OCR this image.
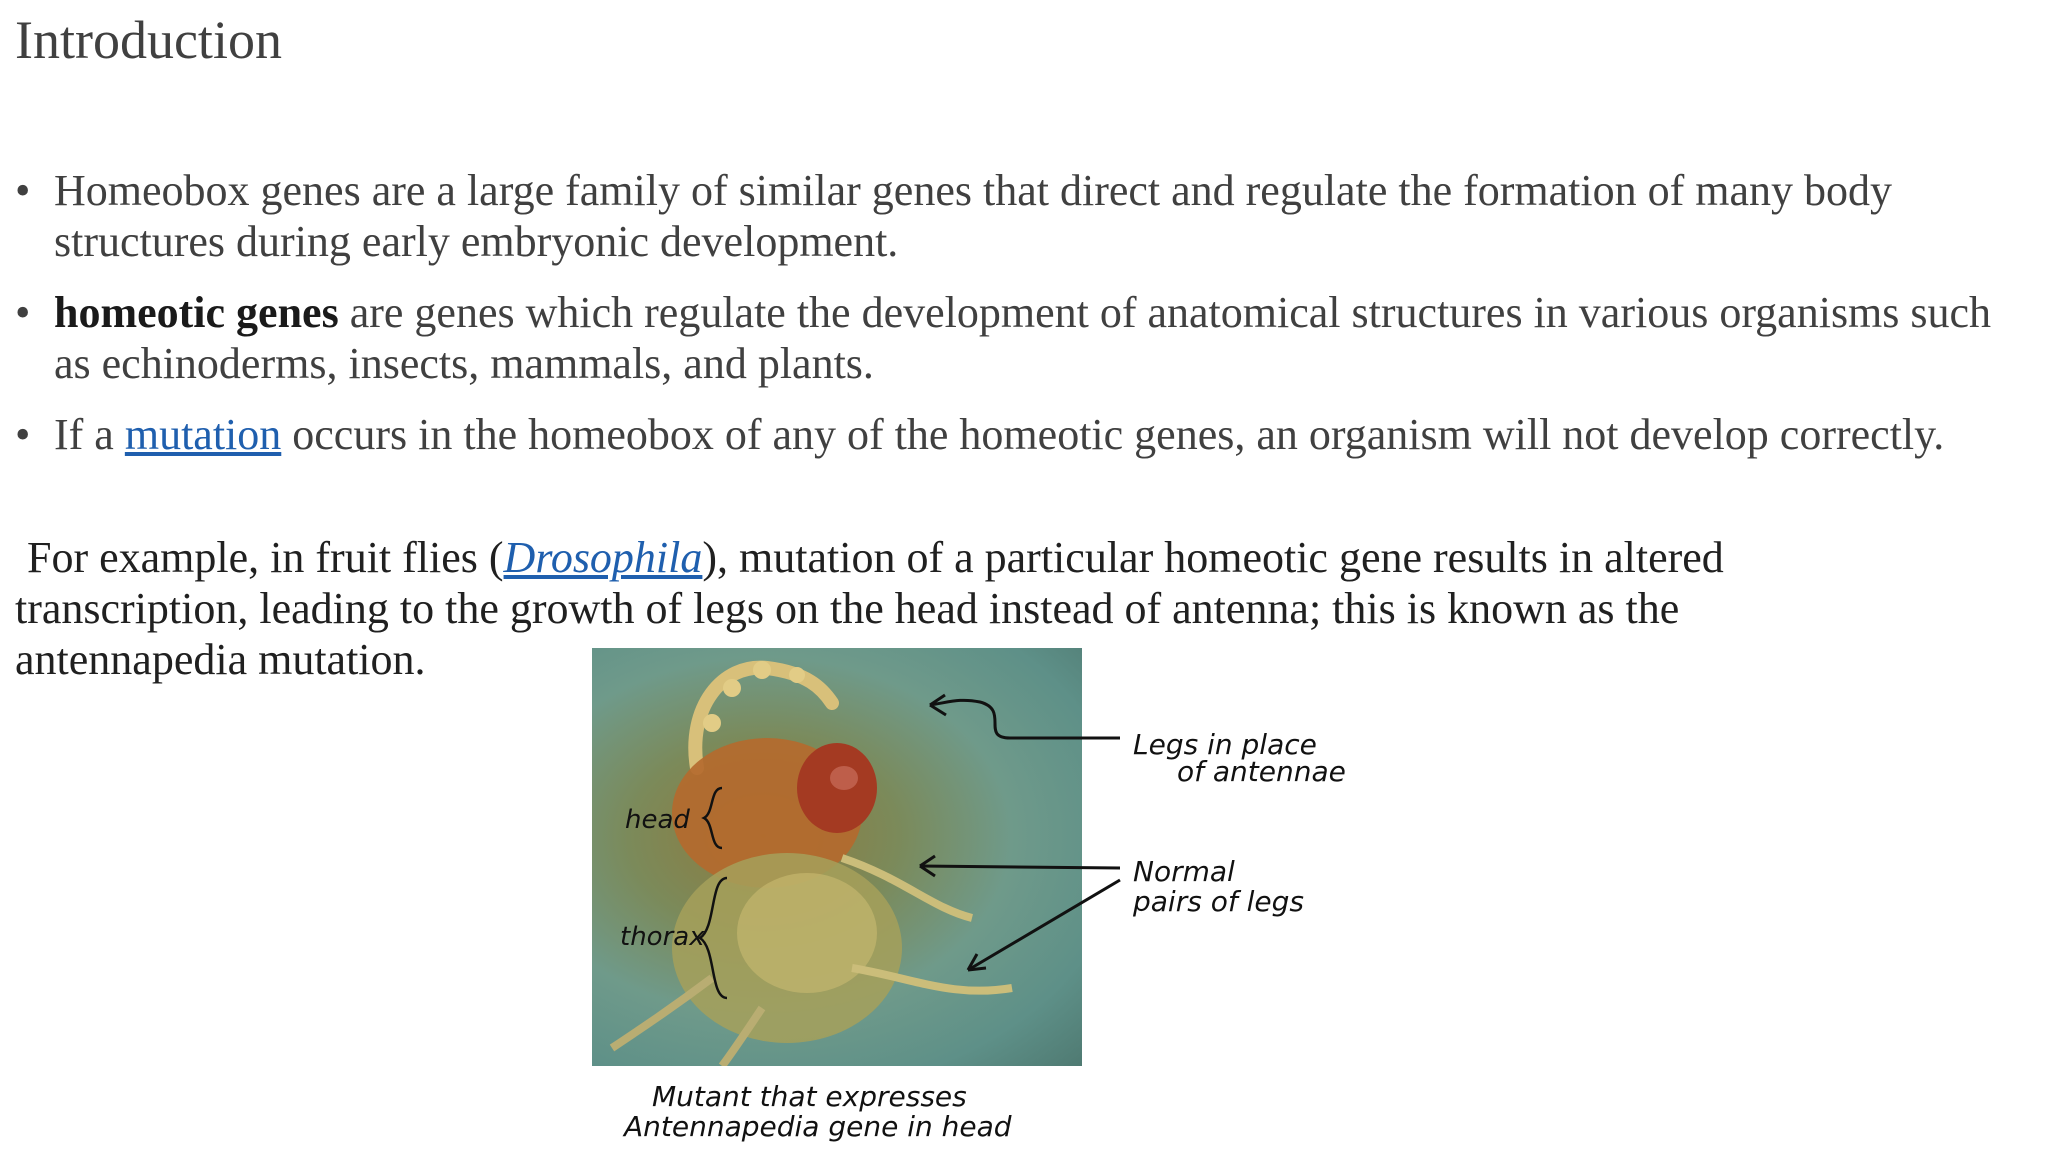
Introduction
• Homeobox genes are a large family of similar genes that direct and regulate the formation of many body structures during early embryonic development.
• homeotic genes are genes which regulate the development of anatomical structures in various organisms such as echinoderms, insects, mammals, and plants.
• If a mutation occurs in the homeobox of any of the homeotic genes, an organism will not develop correctly.

For example, in fruit flies (Drosophila), mutation of a particular homeotic gene results in altered transcription, leading to the growth of legs on the head instead of antenna; this is known as the antennapedia mutation.

head
thorax
Legs in place
of antennae
Normal
pairs of legs
Mutant that expresses
Antennapedia gene in head
